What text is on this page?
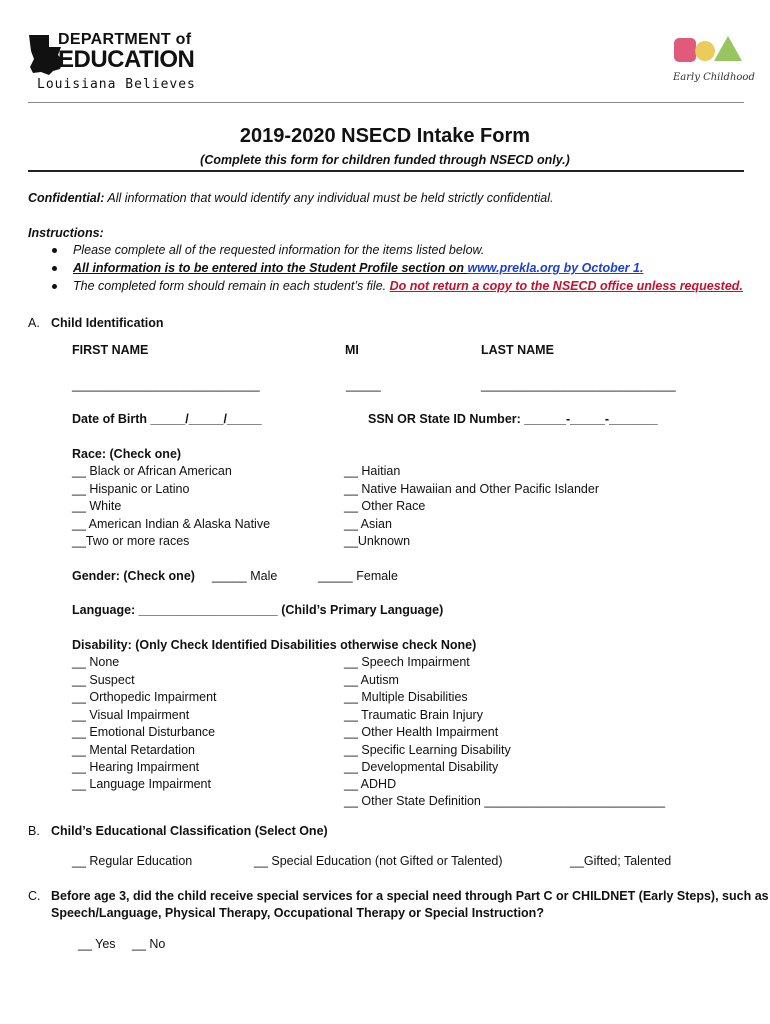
DEPARTMENT of
EDUCATION
Louisiana Believes	Early Childhood
2019-2020 NSECD Intake Form
(Complete this form for children funded through NSECD only.)
Confidential: All information that would identify any individual must be held strictly confidential.
Instructions:
Please complete all of the requested information for the items listed below.
All information is to be entered into the Student Profile section on www.prekla.org by October 1.
The completed form should remain in each student’s file. Do not return a copy to the NSECD office unless requested.
A. Child Identification
FIRST NAME	MI	LAST NAME
___________________________	_____	____________________________
Date of Birth _____/_____/_____	SSN OR State ID Number: ______-_____-_______
Race: (Check one)
__ Black or African American
__ Hispanic or Latino
__ White
__ American Indian & Alaska Native
__Two or more races
__ Haitian
__ Native Hawaiian and Other Pacific Islander
__ Other Race
__ Asian
__Unknown
Gender: (Check one) _____ Male	_____ Female
Language: ____________________ (Child’s Primary Language)
Disability: (Only Check Identified Disabilities otherwise check None)
__ None
__ Suspect
__ Orthopedic Impairment
__ Visual Impairment
__ Emotional Disturbance
__ Mental Retardation
__ Hearing Impairment
__ Language Impairment
__ Speech Impairment
__ Autism
__ Multiple Disabilities
__ Traumatic Brain Injury
__ Other Health Impairment
__ Specific Learning Disability
__ Developmental Disability
__ ADHD
__ Other State Definition __________________________
B. Child’s Educational Classification (Select One)
__ Regular Education	__ Special Education (not Gifted or Talented)	__Gifted; Talented
C. Before age 3, did the child receive special services for a special need through Part C or CHILDNET (Early Steps), such as
Speech/Language, Physical Therapy, Occupational Therapy or Special Instruction?
__ Yes __ No
